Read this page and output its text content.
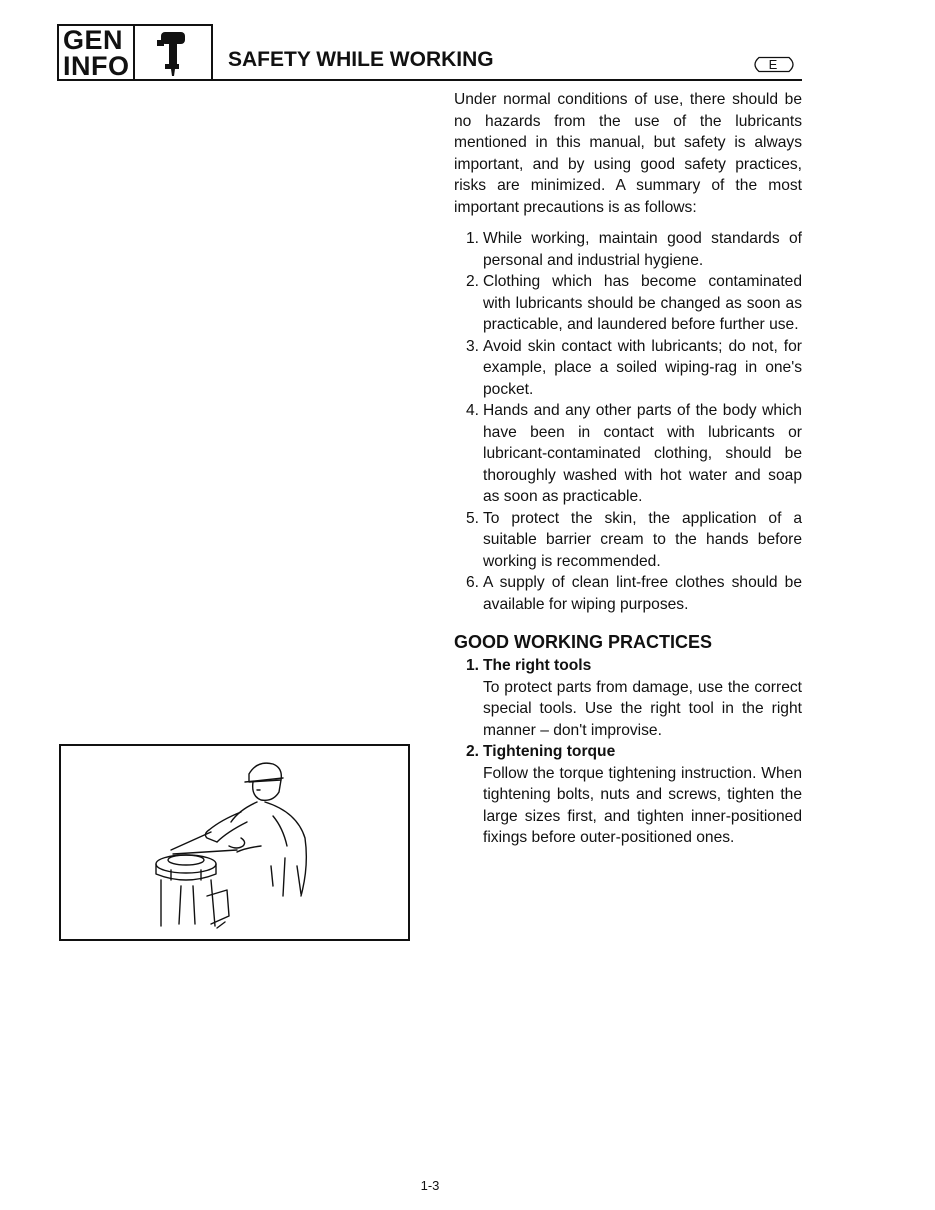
GEN
INFO	SAFETY WHILE WORKING	E

Under normal conditions of use, there should be no hazards from the use of the lubricants mentioned in this manual, but safety is always important, and by using good safety practices, risks are minimized. A summary of the most important precautions is as follows:

1. While working, maintain good standards of personal and industrial hygiene.
2. Clothing which has become contaminated with lubricants should be changed as soon as practicable, and laundered before further use.
3. Avoid skin contact with lubricants; do not, for example, place a soiled wiping-rag in one's pocket.
4. Hands and any other parts of the body which have been in contact with lubricants or lubricant-contaminated clothing, should be thoroughly washed with hot water and soap as soon as practicable.
5. To protect the skin, the application of a suitable barrier cream to the hands before working is recommended.
6. A supply of clean lint-free clothes should be available for wiping purposes.
GOOD WORKING PRACTICES
1. The right tools
To protect parts from damage, use the correct special tools. Use the right tool in the right manner – don't improvise.
2. Tightening torque
Follow the torque tightening instruction. When tightening bolts, nuts and screws, tighten the large sizes first, and tighten inner-positioned fixings before outer-positioned ones.
1-3
